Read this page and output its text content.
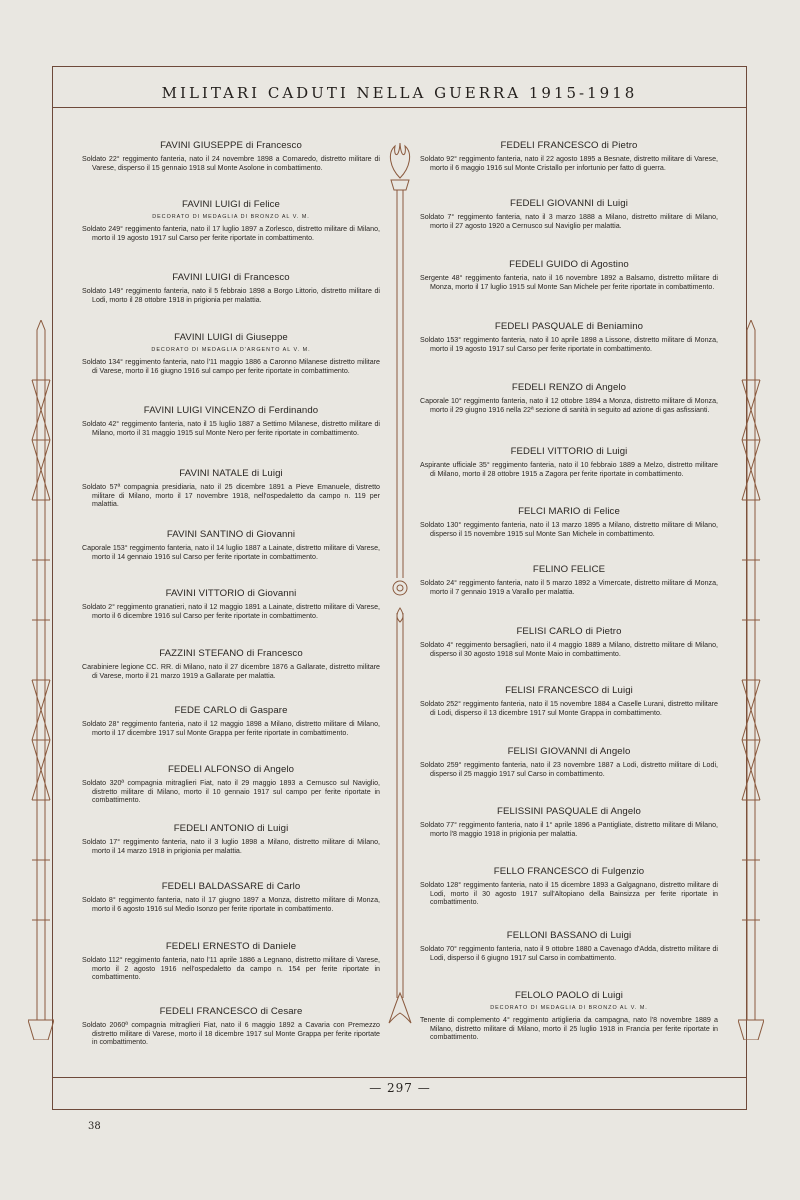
MILITARI CADUTI NELLA GUERRA 1915-1918
FAVINI GIUSEPPE di Francesco
Soldato 22° reggimento fanteria, nato il 24 novembre 1898 a Cornaredo, distretto militare di Varese, disperso il 15 gennaio 1918 sul Monte Asolone in combattimento.
FAVINI LUIGI di Felice
DECORATO DI MEDAGLIA DI BRONZO AL V. M.
Soldato 249° reggimento fanteria, nato il 17 luglio 1897 a Zorlesco, distretto militare di Milano, morto il 19 agosto 1917 sul Carso per ferite riportate in combattimento.
FAVINI LUIGI di Francesco
Soldato 149° reggimento fanteria, nato il 5 febbraio 1898 a Borgo Littorio, distretto militare di Lodi, morto il 28 ottobre 1918 in prigionia per malattia.
FAVINI LUIGI di Giuseppe
DECORATO DI MEDAGLIA D'ARGENTO AL V. M.
Soldato 134° reggimento fanteria, nato l'11 maggio 1886 a Caronno Milanese distretto militare di Varese, morto il 16 giugno 1916 sul campo per ferite riportate in combattimento.
FAVINI LUIGI VINCENZO di Ferdinando
Soldato 42° reggimento fanteria, nato il 15 luglio 1887 a Settimo Milanese, distretto militare di Milano, morto il 31 maggio 1915 sul Monte Nero per ferite riportate in combattimento.
FAVINI NATALE di Luigi
Soldato 57ª compagnia presidiaria, nato il 25 dicembre 1891 a Pieve Emanuele, distretto militare di Milano, morto il 17 novembre 1918, nell'ospedaletto da campo n. 119 per malattia.
FAVINI SANTINO di Giovanni
Caporale 153° reggimento fanteria, nato il 14 luglio 1887 a Lainate, distretto militare di Varese, morto il 14 gennaio 1916 sul Carso per ferite riportate in combattimento.
FAVINI VITTORIO di Giovanni
Soldato 2° reggimento granatieri, nato il 12 maggio 1891 a Lainate, distretto militare di Varese, morto il 6 dicembre 1916 sul Carso per ferite riportate in combattimento.
FAZZINI STEFANO di Francesco
Carabiniere legione CC. RR. di Milano, nato il 27 dicembre 1876 a Gallarate, distretto militare di Varese, morto il 21 marzo 1919 a Gallarate per malattia.
FEDE CARLO di Gaspare
Soldato 28° reggimento fanteria, nato il 12 maggio 1898 a Milano, distretto militare di Milano, morto il 17 dicembre 1917 sul Monte Grappa per ferite riportate in combattimento.
FEDELI ALFONSO di Angelo
Soldato 320ª compagnia mitraglieri Fiat, nato il 29 maggio 1893 a Cernusco sul Naviglio, distretto militare di Milano, morto il 10 gennaio 1917 sul campo per ferite riportate in combattimento.
FEDELI ANTONIO di Luigi
Soldato 17° reggimento fanteria, nato il 3 luglio 1898 a Milano, distretto militare di Milano, morto il 14 marzo 1918 in prigionia per malattia.
FEDELI BALDASSARE di Carlo
Soldato 8° reggimento fanteria, nato il 17 giugno 1897 a Monza, distretto militare di Monza, morto il 6 agosto 1916 sul Medio Isonzo per ferite riportate in combattimento.
FEDELI ERNESTO di Daniele
Soldato 112° reggimento fanteria, nato l'11 aprile 1886 a Legnano, distretto militare di Varese, morto il 2 agosto 1916 nell'ospedaletto da campo n. 154 per ferite riportate in combattimento.
FEDELI FRANCESCO di Cesare
Soldato 2060ª compagnia mitraglieri Fiat, nato il 6 maggio 1892 a Cavaria con Premezzo distretto militare di Varese, morto il 18 dicembre 1917 sul Monte Grappa per ferite riportate in combattimento.
FEDELI FRANCESCO di Pietro
Soldato 92° reggimento fanteria, nato il 22 agosto 1895 a Besnate, distretto militare di Varese, morto il 6 maggio 1916 sul Monte Cristallo per infortunio per fatto di guerra.
FEDELI GIOVANNI di Luigi
Soldato 7° reggimento fanteria, nato il 3 marzo 1888 a Milano, distretto militare di Milano, morto il 27 agosto 1920 a Cernusco sul Naviglio per malattia.
FEDELI GUIDO di Agostino
Sergente 48° reggimento fanteria, nato il 16 novembre 1892 a Balsamo, distretto militare di Monza, morto il 17 luglio 1915 sul Monte San Michele per ferite riportate in combattimento.
FEDELI PASQUALE di Beniamino
Soldato 153° reggimento fanteria, nato il 10 aprile 1898 a Lissone, distretto militare di Monza, morto il 19 agosto 1917 sul Carso per ferite riportate in combattimento.
FEDELI RENZO di Angelo
Caporale 10° reggimento fanteria, nato il 12 ottobre 1894 a Monza, distretto militare di Monza, morto il 29 giugno 1916 nella 22ª sezione di sanità in seguito ad azione di gas asfissianti.
FEDELI VITTORIO di Luigi
Aspirante ufficiale 35° reggimento fanteria, nato il 10 febbraio 1889 a Melzo, distretto militare di Milano, morto il 28 ottobre 1915 a Zagora per ferite riportate in combattimento.
FELCI MARIO di Felice
Soldato 130° reggimento fanteria, nato il 13 marzo 1895 a Milano, distretto militare di Milano, disperso il 15 novembre 1915 sul Monte San Michele in combattimento.
FELINO FELICE
Soldato 24° reggimento fanteria, nato il 5 marzo 1892 a Vimercate, distretto militare di Monza, morto il 7 gennaio 1919 a Varallo per malattia.
FELISI CARLO di Pietro
Soldato 4° reggimento bersaglieri, nato il 4 maggio 1889 a Milano, distretto militare di Milano, disperso il 30 agosto 1918 sul Monte Maio in combattimento.
FELISI FRANCESCO di Luigi
Soldato 252° reggimento fanteria, nato il 15 novembre 1884 a Caselle Lurani, distretto militare di Lodi, disperso il 13 dicembre 1917 sul Monte Grappa in combattimento.
FELISI GIOVANNI di Angelo
Soldato 259° reggimento fanteria, nato il 23 novembre 1887 a Lodi, distretto militare di Lodi, disperso il 25 maggio 1917 sul Carso in combattimento.
FELISSINI PASQUALE di Angelo
Soldato 77° reggimento fanteria, nato il 1° aprile 1896 a Pantigliate, distretto militare di Milano, morto l'8 maggio 1918 in prigionia per malattia.
FELLO FRANCESCO di Fulgenzio
Soldato 128° reggimento fanteria, nato il 15 dicembre 1893 a Galgagnano, distretto militare di Lodi, morto il 30 agosto 1917 sull'Altopiano della Bainsizza per ferite riportate in combattimento.
FELLONI BASSANO di Luigi
Soldato 70° reggimento fanteria, nato il 9 ottobre 1880 a Cavenago d'Adda, distretto militare di Lodi, disperso il 6 giugno 1917 sul Carso in combattimento.
FELOLO PAOLO di Luigi
DECORATO DI MEDAGLIA DI BRONZO AL V. M.
Tenente di complemento 4° reggimento artiglieria da campagna, nato l'8 novembre 1889 a Milano, distretto militare di Milano, morto il 25 luglio 1918 in Francia per ferite riportate in combattimento.
— 297 —
38
